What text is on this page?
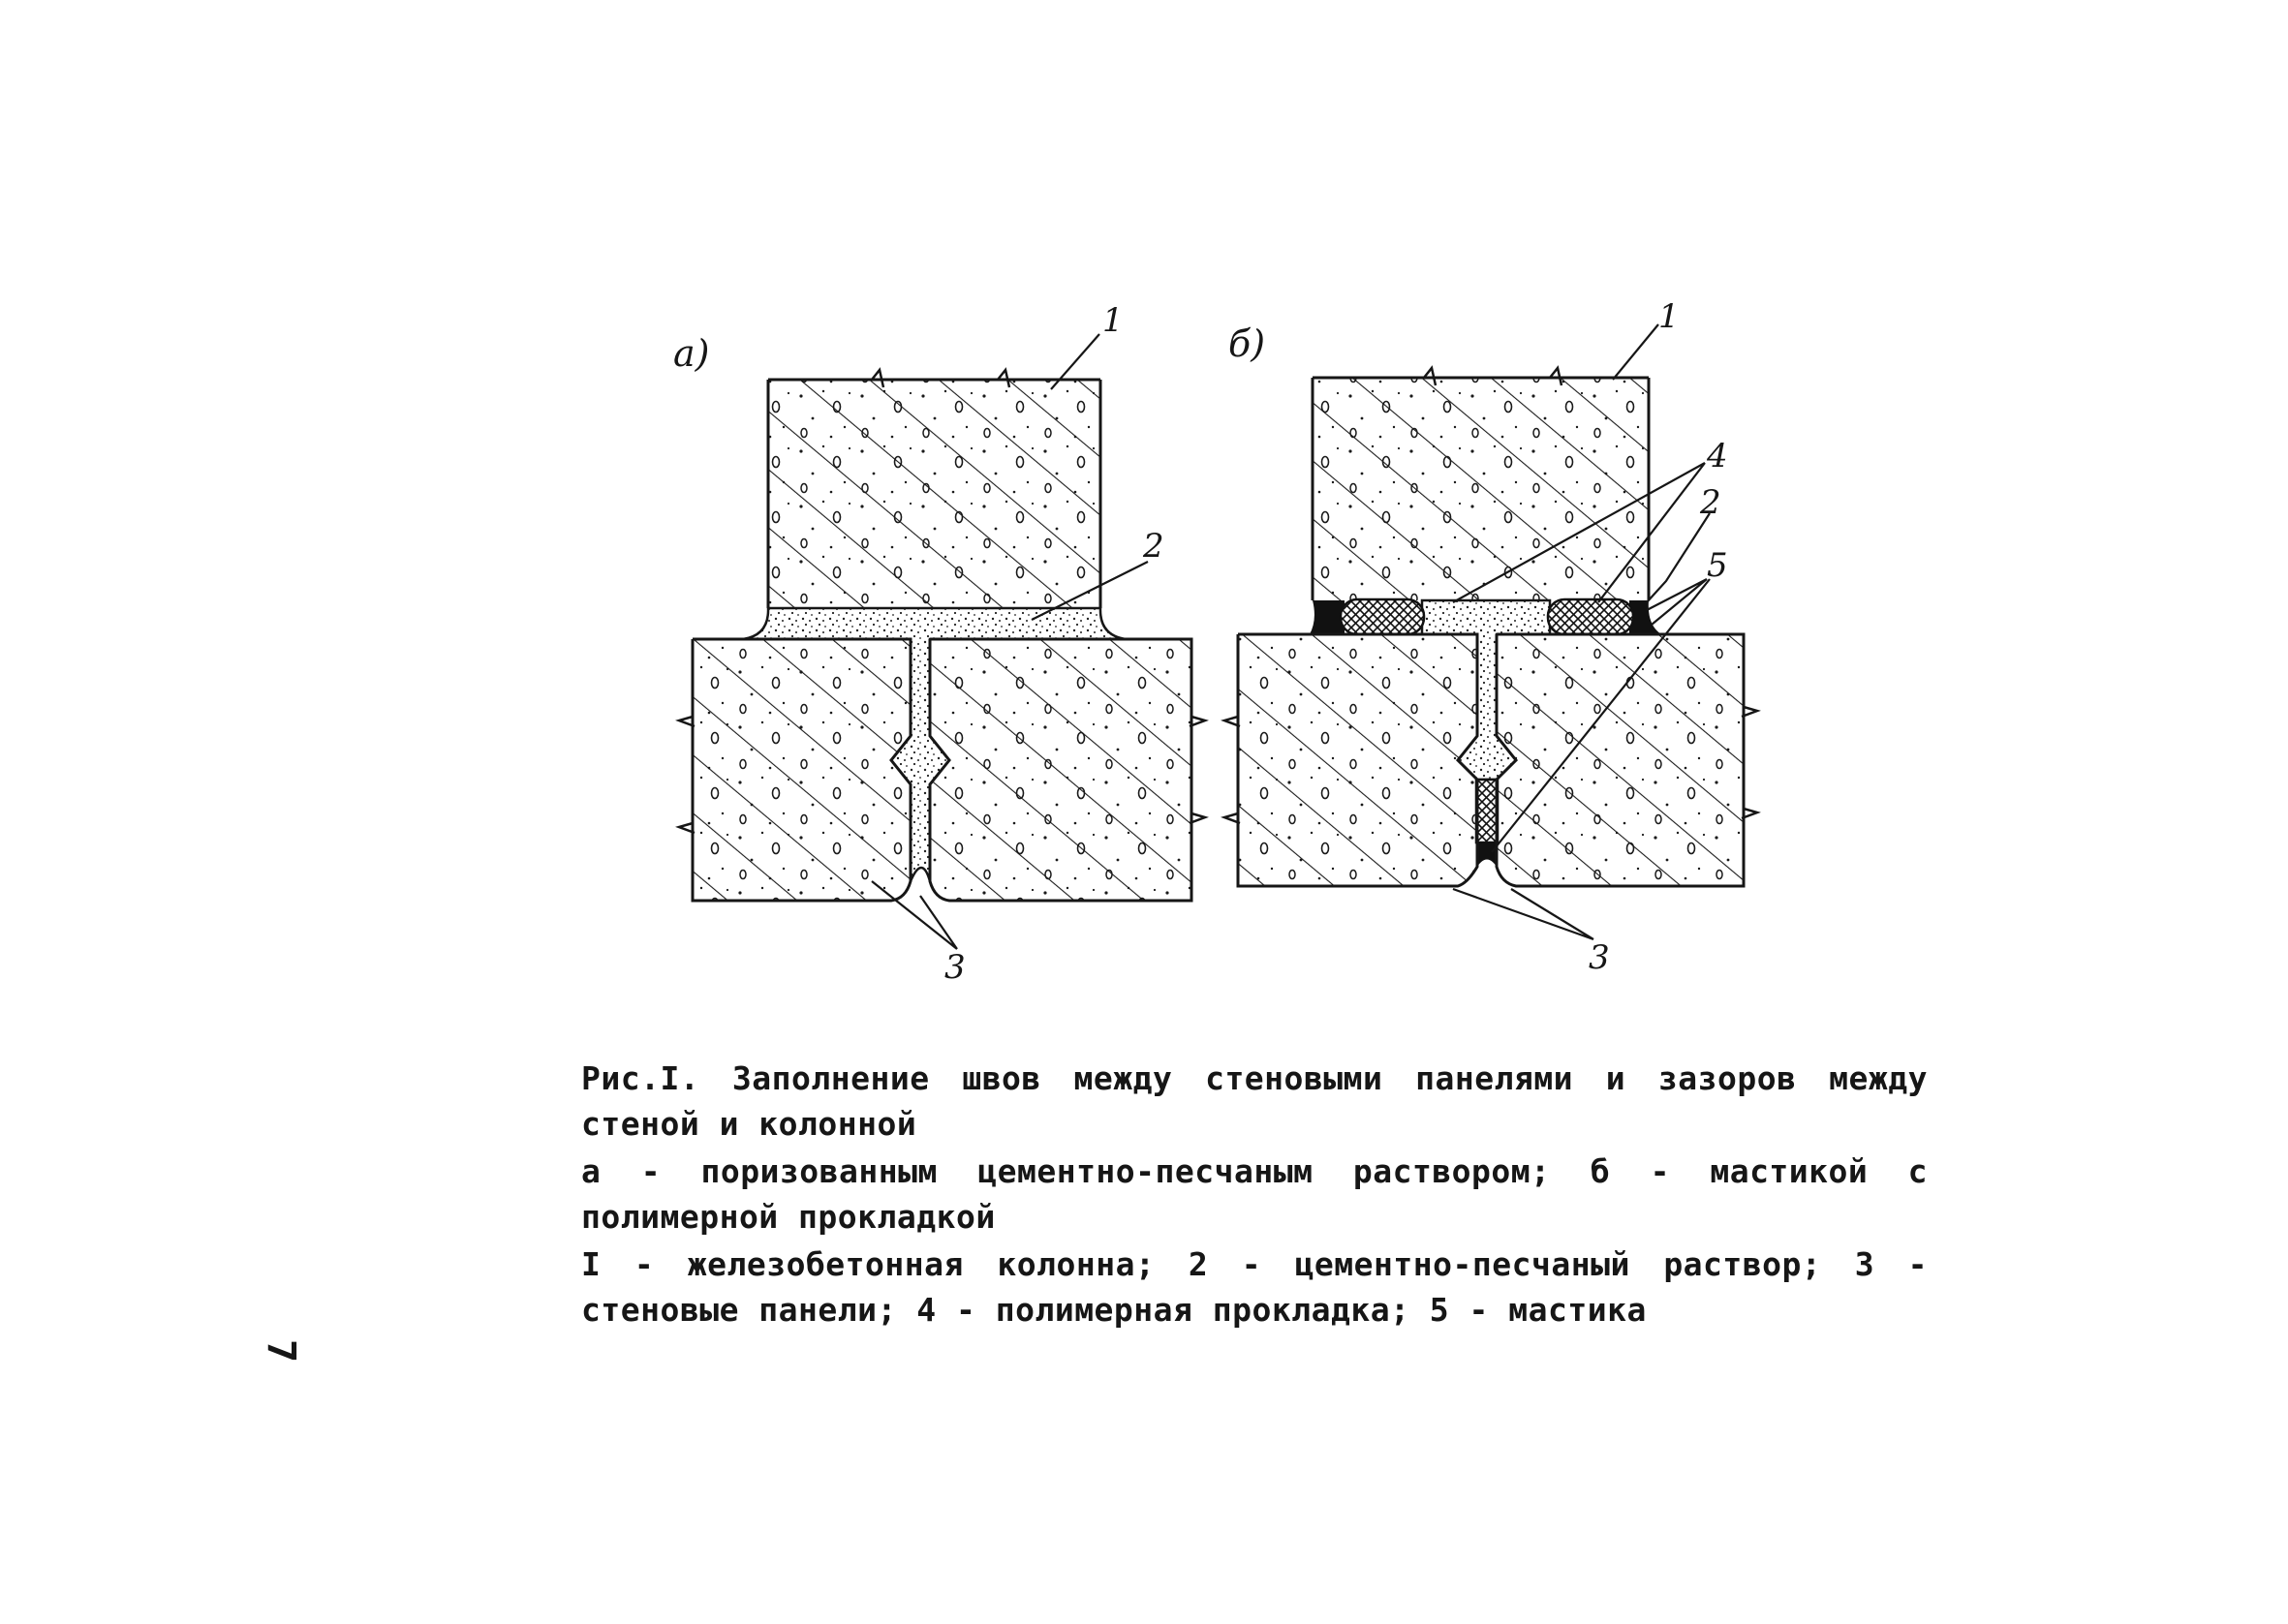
а)
1
2
3
б)
1
4
2
5
3

Рис.I. Заполнение швов между стеновыми панелями и зазоров между стеной и колонной

а - поризованным цементно-песчаным раствором; б - мастикой с полимерной прокладкой

I - железобетонная колонна; 2 - цементно-песчаный раствор; 3 - стеновые панели; 4 - полимерная прокладка; 5 - мастика

7
